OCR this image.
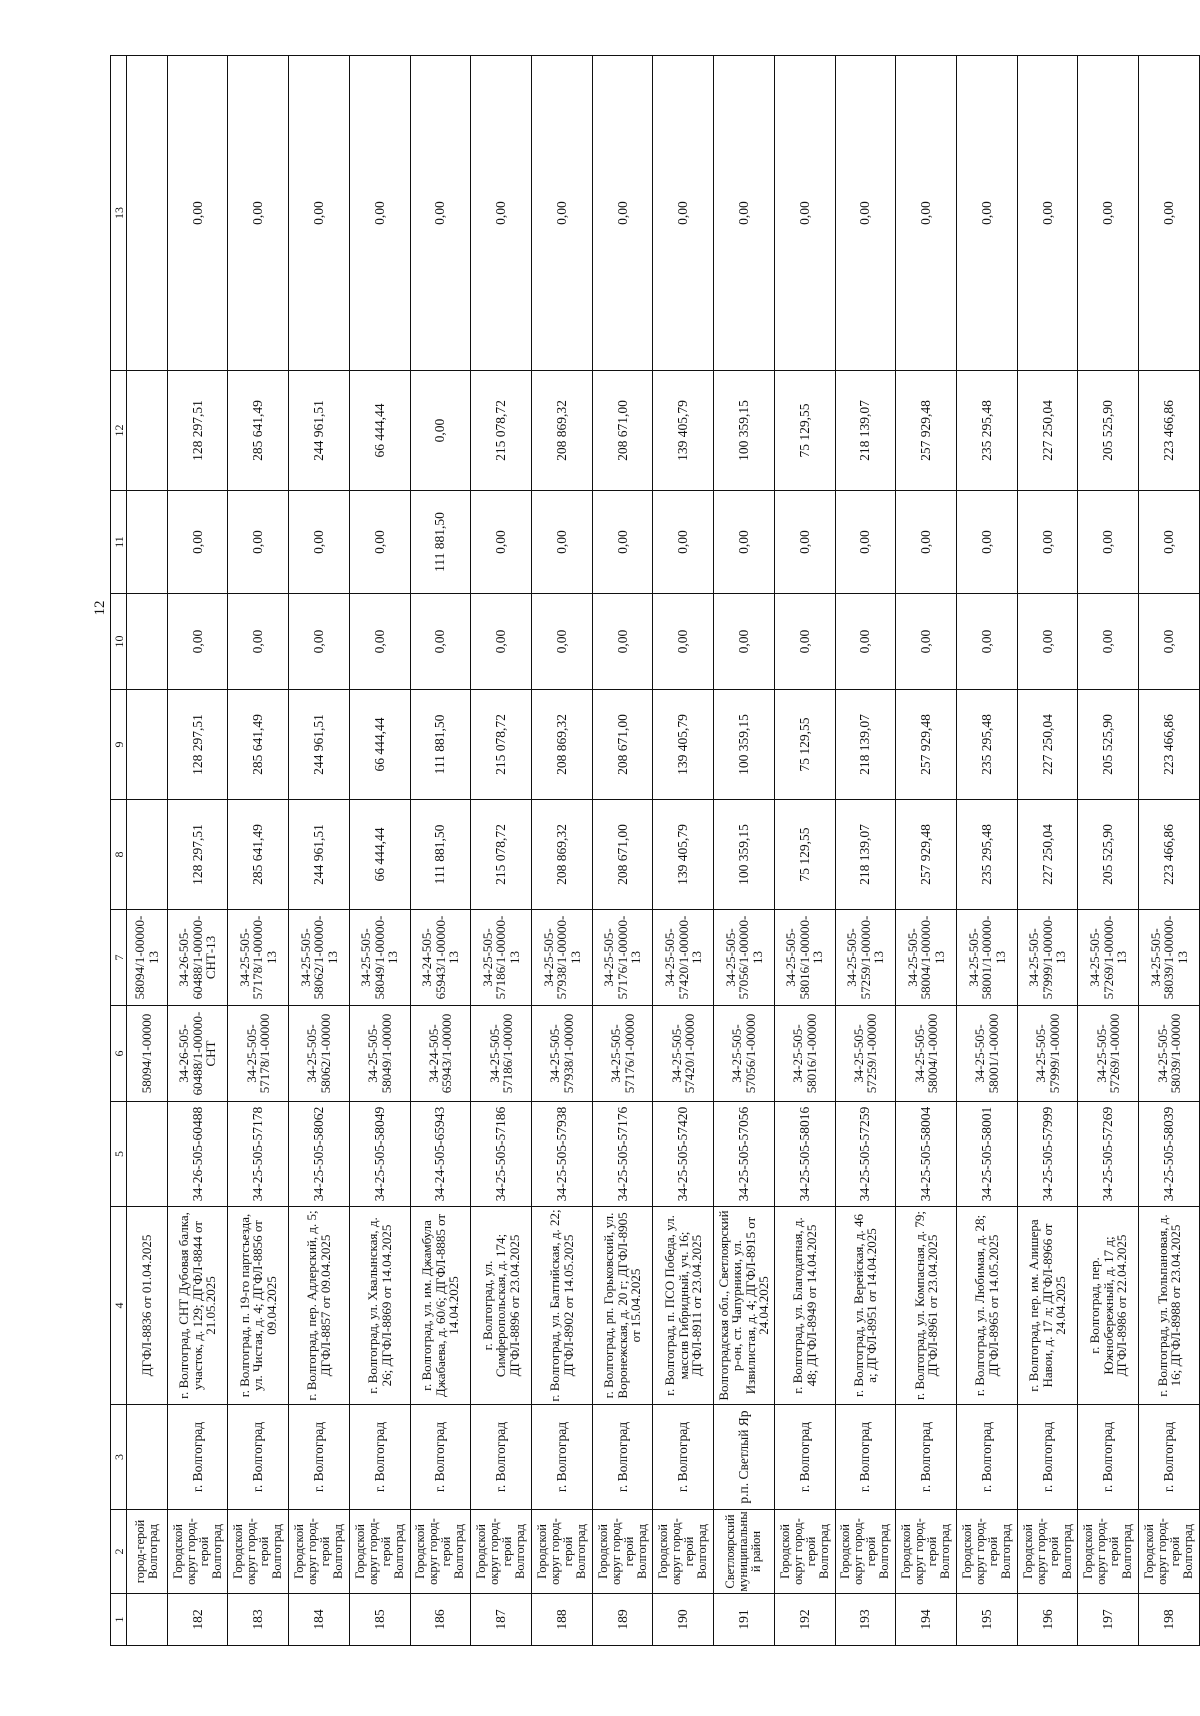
12
1	2	3	4	5	6	7	8	9	10	11	12	13
	город-герой Волгоград		ДГФЛ-8836 от 01.04.2025		58094/1-00000	58094/1-00000-13						
182	Городской округ город-герой Волгоград	г. Волгоград	г. Волгоград, СНТ Дубовая балка, участок, д. 129; ДГФЛ-8844 от 21.05.2025	34-26-505-60488	34-26-505-60488/1-00000-СНТ	34-26-505-60488/1-00000-СНТ-13	128 297,51	128 297,51	0,00	0,00	128 297,51	0,00
183	Городской округ город-герой Волгоград	г. Волгоград	г. Волгоград, п. 19-го партсъезда, ул. Чистая, д. 4; ДГФЛ-8856 от 09.04.2025	34-25-505-57178	34-25-505-57178/1-00000	34-25-505-57178/1-00000-13	285 641,49	285 641,49	0,00	0,00	285 641,49	0,00
184	Городской округ город-герой Волгоград	г. Волгоград	г. Волгоград, пер. Адлерский, д. 5; ДГФЛ-8857 от 09.04.2025	34-25-505-58062	34-25-505-58062/1-00000	34-25-505-58062/1-00000-13	244 961,51	244 961,51	0,00	0,00	244 961,51	0,00
185	Городской округ город-герой Волгоград	г. Волгоград	г. Волгоград, ул. Хвалынская, д. 26; ДГФЛ-8869 от 14.04.2025	34-25-505-58049	34-25-505-58049/1-00000	34-25-505-58049/1-00000-13	66 444,44	66 444,44	0,00	0,00	66 444,44	0,00
186	Городской округ город-герой Волгоград	г. Волгоград	г. Волгоград, ул. им. Джамбула Джабаева, д. 60/6; ДГФЛ-8885 от 14.04.2025	34-24-505-65943	34-24-505-65943/1-00000	34-24-505-65943/1-00000-13	111 881,50	111 881,50	0,00	111 881,50	0,00	0,00
187	Городской округ город-герой Волгоград	г. Волгоград	г. Волгоград, ул. Симферопольская, д. 174; ДГФЛ-8896 от 23.04.2025	34-25-505-57186	34-25-505-57186/1-00000	34-25-505-57186/1-00000-13	215 078,72	215 078,72	0,00	0,00	215 078,72	0,00
188	Городской округ город-герой Волгоград	г. Волгоград	г. Волгоград, ул. Балтийская, д. 22; ДГФЛ-8902 от 14.05.2025	34-25-505-57938	34-25-505-57938/1-00000	34-25-505-57938/1-00000-13	208 869,32	208 869,32	0,00	0,00	208 869,32	0,00
189	Городской округ город-герой Волгоград	г. Волгоград	г. Волгоград, рп. Горьковский, ул. Воронежская, д. 20 г; ДГФЛ-8905 от 15.04.2025	34-25-505-57176	34-25-505-57176/1-00000	34-25-505-57176/1-00000-13	208 671,00	208 671,00	0,00	0,00	208 671,00	0,00
190	Городской округ город-герой Волгоград	г. Волгоград	г. Волгоград, п. ПСО Победа, ул. массив Гибридный, уч. 16; ДГФЛ-8911 от 23.04.2025	34-25-505-57420	34-25-505-57420/1-00000	34-25-505-57420/1-00000-13	139 405,79	139 405,79	0,00	0,00	139 405,79	0,00
191	Светлоярский муниципальный район	р.п. Светлый Яр	Волгоградская обл., Светлоярский р-он, ст. Чапурники, ул. Извилистая, д. 4; ДГФЛ-8915 от 24.04.2025	34-25-505-57056	34-25-505-57056/1-00000	34-25-505-57056/1-00000-13	100 359,15	100 359,15	0,00	0,00	100 359,15	0,00
192	Городской округ город-герой Волгоград	г. Волгоград	г. Волгоград, ул. Благодатная, д. 48; ДГФЛ-8949 от 14.04.2025	34-25-505-58016	34-25-505-58016/1-00000	34-25-505-58016/1-00000-13	75 129,55	75 129,55	0,00	0,00	75 129,55	0,00
193	Городской округ город-герой Волгоград	г. Волгоград	г. Волгоград, ул. Верейская, д. 46 а; ДГФЛ-8951 от 14.04.2025	34-25-505-57259	34-25-505-57259/1-00000	34-25-505-57259/1-00000-13	218 139,07	218 139,07	0,00	0,00	218 139,07	0,00
194	Городской округ город-герой Волгоград	г. Волгоград	г. Волгоград, ул. Компасная, д. 79; ДГФЛ-8961 от 23.04.2025	34-25-505-58004	34-25-505-58004/1-00000	34-25-505-58004/1-00000-13	257 929,48	257 929,48	0,00	0,00	257 929,48	0,00
195	Городской округ город-герой Волгоград	г. Волгоград	г. Волгоград, ул. Любимая, д. 28; ДГФЛ-8965 от 14.05.2025	34-25-505-58001	34-25-505-58001/1-00000	34-25-505-58001/1-00000-13	235 295,48	235 295,48	0,00	0,00	235 295,48	0,00
196	Городской округ город-герой Волгоград	г. Волгоград	г. Волгоград, пер. им. Алишера Навои, д. 17 л; ДГФЛ-8966 от 24.04.2025	34-25-505-57999	34-25-505-57999/1-00000	34-25-505-57999/1-00000-13	227 250,04	227 250,04	0,00	0,00	227 250,04	0,00
197	Городской округ город-герой Волгоград	г. Волгоград	г. Волгоград, пер. Южнобережный, д. 17 д; ДГФЛ-8986 от 22.04.2025	34-25-505-57269	34-25-505-57269/1-00000	34-25-505-57269/1-00000-13	205 525,90	205 525,90	0,00	0,00	205 525,90	0,00
198	Городской округ город-герой Волгоград	г. Волгоград	г. Волгоград, ул. Тюльпановая, д. 16; ДГФЛ-8988 от 23.04.2025	34-25-505-58039	34-25-505-58039/1-00000	34-25-505-58039/1-00000-13	223 466,86	223 466,86	0,00	0,00	223 466,86	0,00
